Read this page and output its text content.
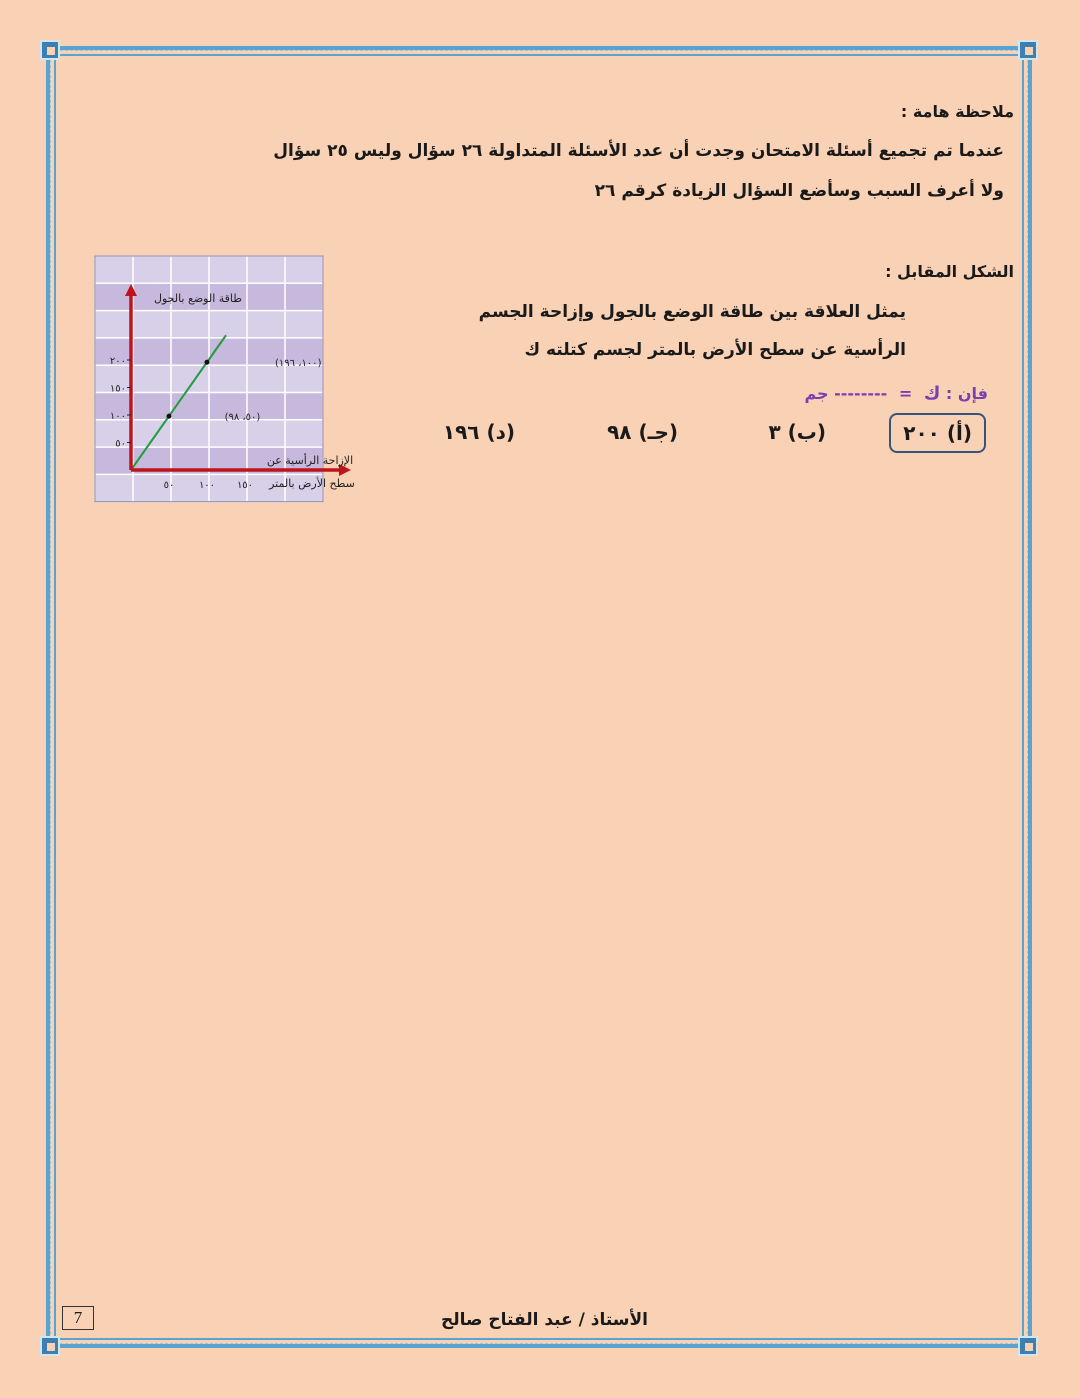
ملاحظة هامة :
عندما تم تجميع أسئلة الامتحان وجدت أن عدد الأسئلة المتداولة ٢٦ سؤال وليس ٢٥ سؤال
ولا أعرف السبب وسأضع السؤال الزيادة كرقم ٢٦
الشكل المقابل :
يمثل العلاقة بين طاقة الوضع بالجول وإزاحة الجسم
الرأسية عن سطح الأرض بالمتر لجسم كتلته ك
فإن : ك = -------- جم
(أ) ٢٠٠
(ب) ٣
(جـ) ٩٨
(د) ١٩٦
٥٠
١٠٠
١٥٠
٢٠٠
٥٠ ١٠٠ ١٥٠
(٥٠، ٩٨)
(١٠٠، ١٩٦)
طاقة الوضع بالجول
الإزاحة الرأسية عن
سطح الأرض بالمتر
الأستاذ / عبد الفتاح صالح
7
